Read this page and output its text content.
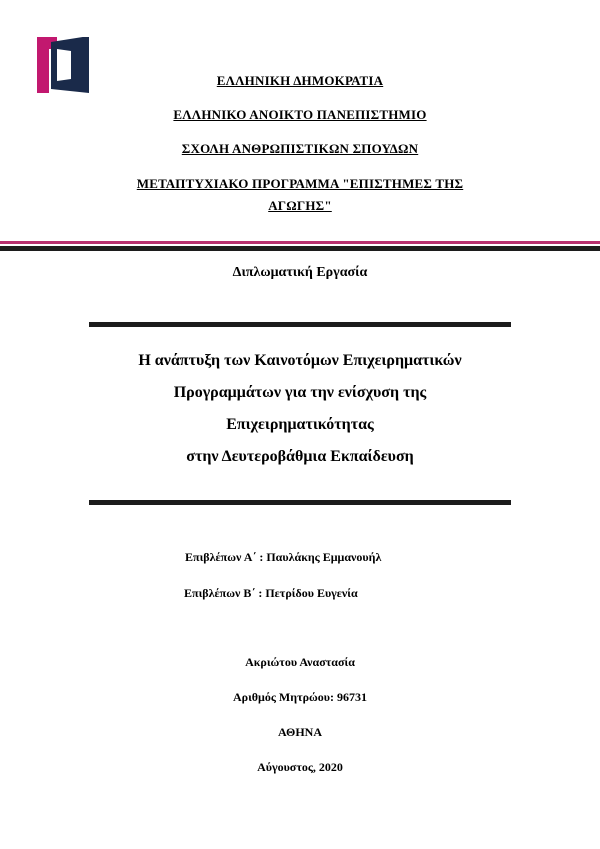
ΕΛΛΗΝΙΚΗ ΔΗΜΟΚΡΑΤΙΑ
ΕΛΛΗΝΙΚΟ ΑΝΟΙΚΤΟ ΠΑΝΕΠΙΣΤΗΜΙΟ
ΣΧΟΛΗ ΑΝΘΡΩΠΙΣΤΙΚΩΝ ΣΠΟΥΔΩΝ
ΜΕΤΑΠΤΥΧΙΑΚΟ ΠΡΟΓΡΑΜΜΑ "ΕΠΙΣΤΗΜΕΣ ΤΗΣ
ΑΓΩΓΗΣ"
Διπλωματική Εργασία
Η ανάπτυξη των Καινοτόμων Επιχειρηματικών
Προγραμμάτων για την ενίσχυση της
Επιχειρηματικότητας
στην Δευτεροβάθμια Εκπαίδευση
Επιβλέπων Α΄ : Παυλάκης Εμμανουήλ
Επιβλέπων Β΄ : Πετρίδου Ευγενία
Ακριώτου Αναστασία
Αριθμός Μητρώου: 96731
ΑΘΗΝΑ
Αύγουστος, 2020
